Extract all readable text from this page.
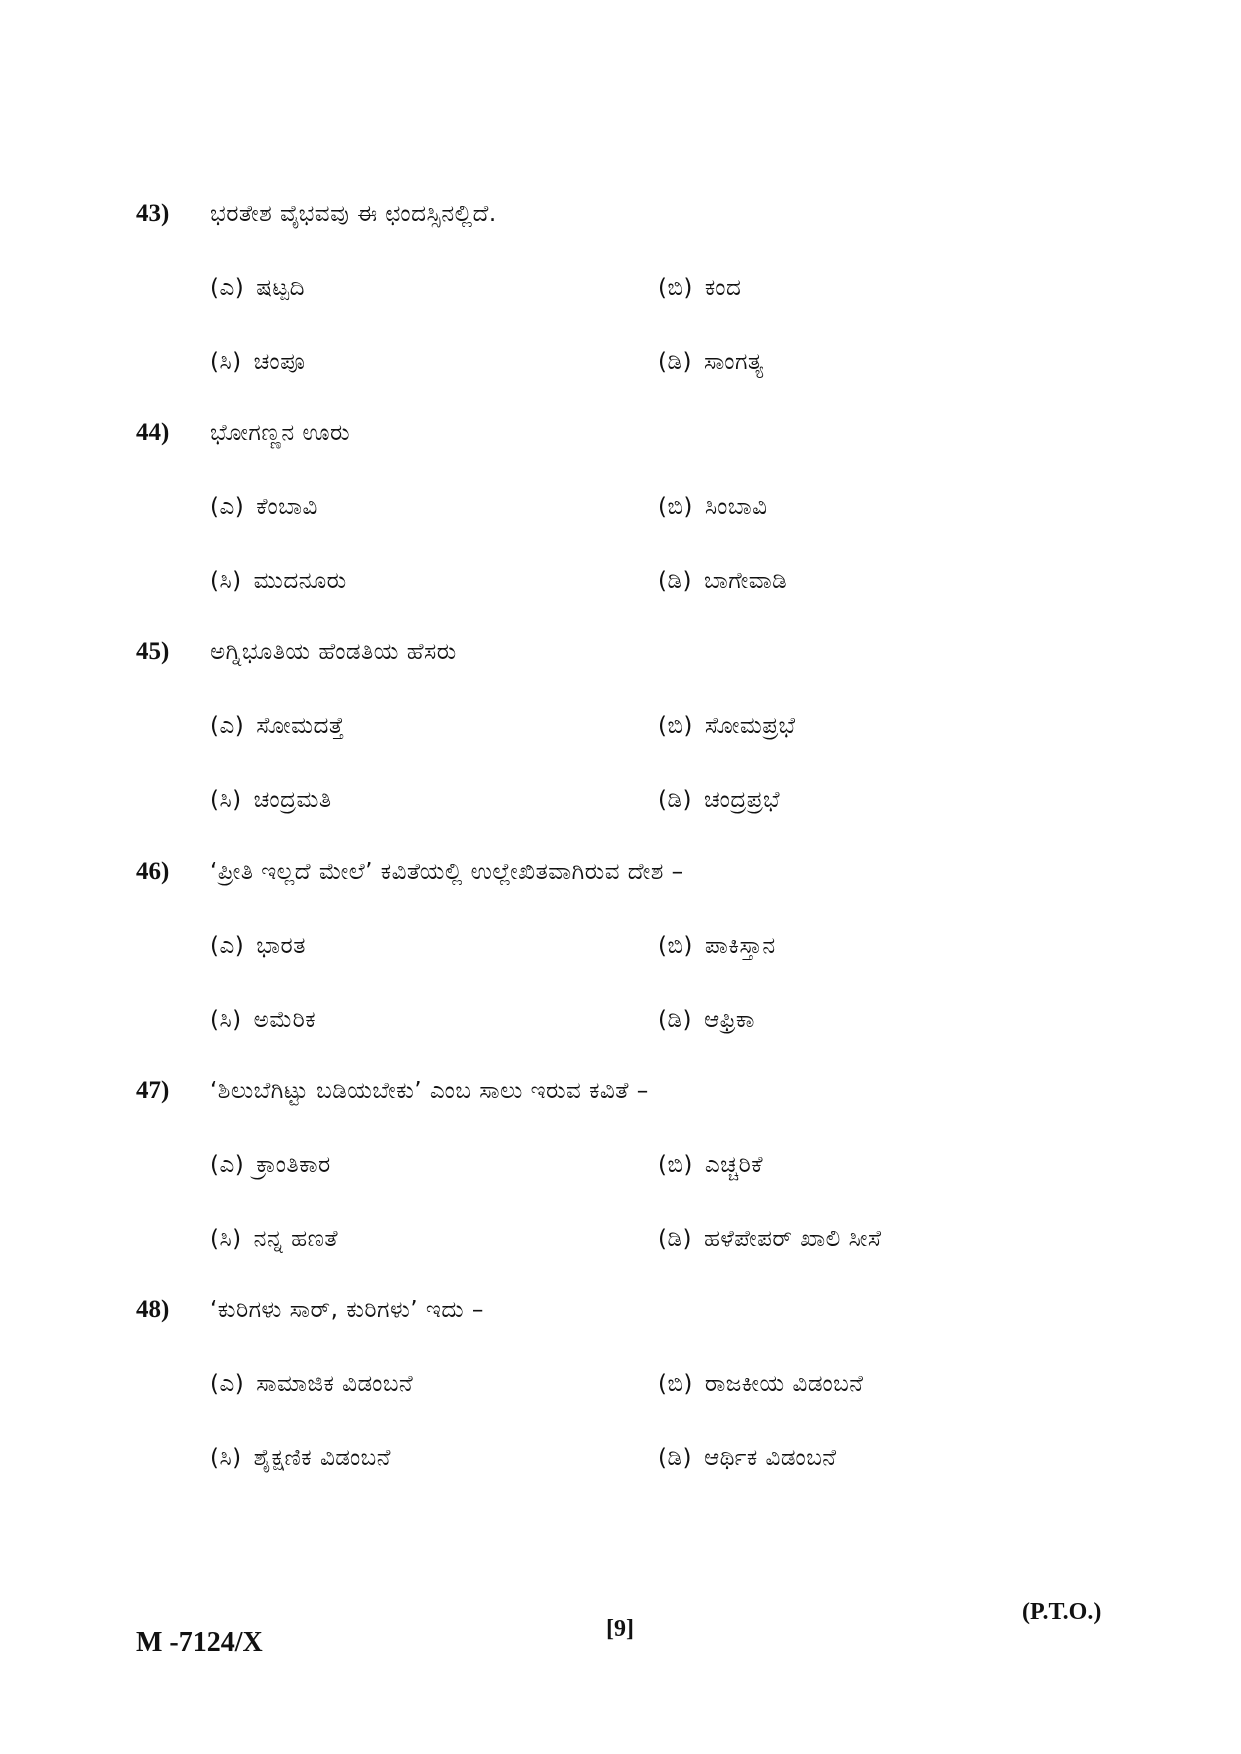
43) ಭರತೇಶ ವೈಭವವು ಈ ಛಂದಸ್ಸಿನಲ್ಲಿದೆ.
(ಎ) ಷಟ್ಪದಿ	(ಬಿ) ಕಂದ
(ಸಿ) ಚಂಪೂ	(ಡಿ) ಸಾಂಗತ್ಯ
44) ಭೋಗಣ್ಣನ ಊರು
(ಎ) ಕೆಂಬಾವಿ	(ಬಿ) ಸಿಂಬಾವಿ
(ಸಿ) ಮುದನೂರು	(ಡಿ) ಬಾಗೇವಾಡಿ
45) ಅಗ್ನಿಭೂತಿಯ ಹೆಂಡತಿಯ ಹೆಸರು
(ಎ) ಸೋಮದತ್ತೆ	(ಬಿ) ಸೋಮಪ್ರಭೆ
(ಸಿ) ಚಂದ್ರಮತಿ	(ಡಿ) ಚಂದ್ರಪ್ರಭೆ
46) ‘ಪ್ರೀತಿ ಇಲ್ಲದೆ ಮೇಲೆ’ ಕವಿತೆಯಲ್ಲಿ ಉಲ್ಲೇಖಿತವಾಗಿರುವ ದೇಶ –
(ಎ) ಭಾರತ	(ಬಿ) ಪಾಕಿಸ್ತಾನ
(ಸಿ) ಅಮೆರಿಕ	(ಡಿ) ಆಫ್ರಿಕಾ
47) ‘ಶಿಲುಬೆಗಿಟ್ಟು ಬಡಿಯಬೇಕು’ ಎಂಬ ಸಾಲು ಇರುವ ಕವಿತೆ –
(ಎ) ಕ್ರಾಂತಿಕಾರ	(ಬಿ) ಎಚ್ಚರಿಕೆ
(ಸಿ) ನನ್ನ ಹಣತೆ	(ಡಿ) ಹಳೆಪೇಪರ್ ಖಾಲಿ ಸೀಸೆ
48) ‘ಕುರಿಗಳು ಸಾರ್, ಕುರಿಗಳು’ ಇದು –
(ಎ) ಸಾಮಾಜಿಕ ವಿಡಂಬನೆ	(ಬಿ) ರಾಜಕೀಯ ವಿಡಂಬನೆ
(ಸಿ) ಶೈಕ್ಷಣಿಕ ವಿಡಂಬನೆ	(ಡಿ) ಆರ್ಥಿಕ ವಿಡಂಬನೆ
M -7124/X	[9]
(P.T.O.)
